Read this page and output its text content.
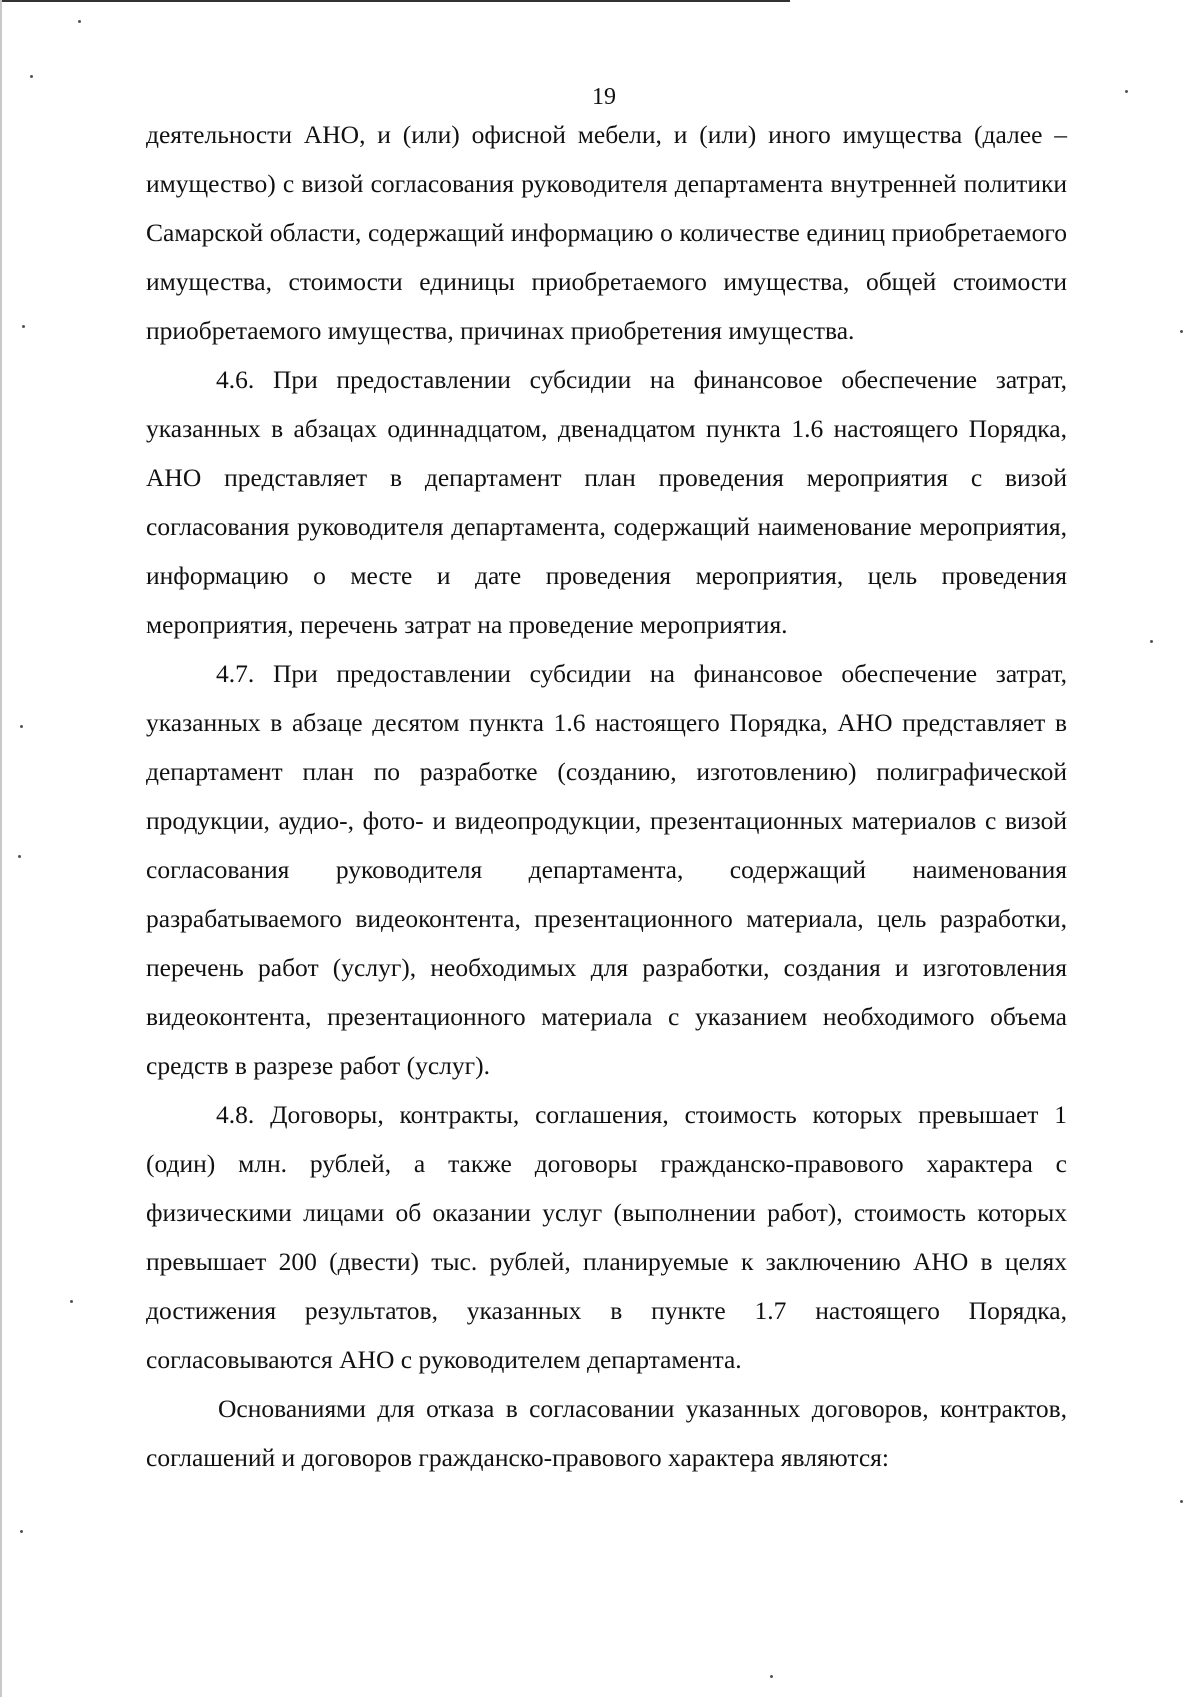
19

деятельности АНО, и (или) офисной мебели, и (или) иного имущества (далее – имущество) с визой согласования руководителя департамента внутренней политики Самарской области, содержащий информацию о количестве единиц приобретаемого имущества, стоимости единицы приобретаемого имущества, общей стоимости приобретаемого имущества, причинах приобретения имущества.

4.6. При предоставлении субсидии на финансовое обеспечение затрат, указанных в абзацах одиннадцатом, двенадцатом пункта 1.6 настоящего Порядка, АНО представляет в департамент план проведения мероприятия с визой согласования руководителя департамента, содержащий наименование мероприятия, информацию о месте и дате проведения мероприятия, цель проведения мероприятия, перечень затрат на проведение мероприятия.

4.7. При предоставлении субсидии на финансовое обеспечение затрат, указанных в абзаце десятом пункта 1.6 настоящего Порядка, АНО представляет в департамент план по разработке (созданию, изготовлению) полиграфической продукции, аудио-, фото- и видеопродукции, презентационных материалов с визой согласования руководителя департамента, содержащий наименования разрабатываемого видеоконтента, презентационного материала, цель разработки, перечень работ (услуг), необходимых для разработки, создания и изготовления видеоконтента, презентационного материала с указанием необходимого объема средств в разрезе работ (услуг).

4.8. Договоры, контракты, соглашения, стоимость которых превышает 1 (один) млн. рублей, а также договоры гражданско-правового характера с физическими лицами об оказании услуг (выполнении работ), стоимость которых превышает 200 (двести) тыс. рублей, планируемые к заключению АНО в целях достижения результатов, указанных в пункте 1.7 настоящего Порядка, согласовываются АНО с руководителем департамента.

Основаниями для отказа в согласовании указанных договоров, контрактов, соглашений и договоров гражданско-правового характера являются:
